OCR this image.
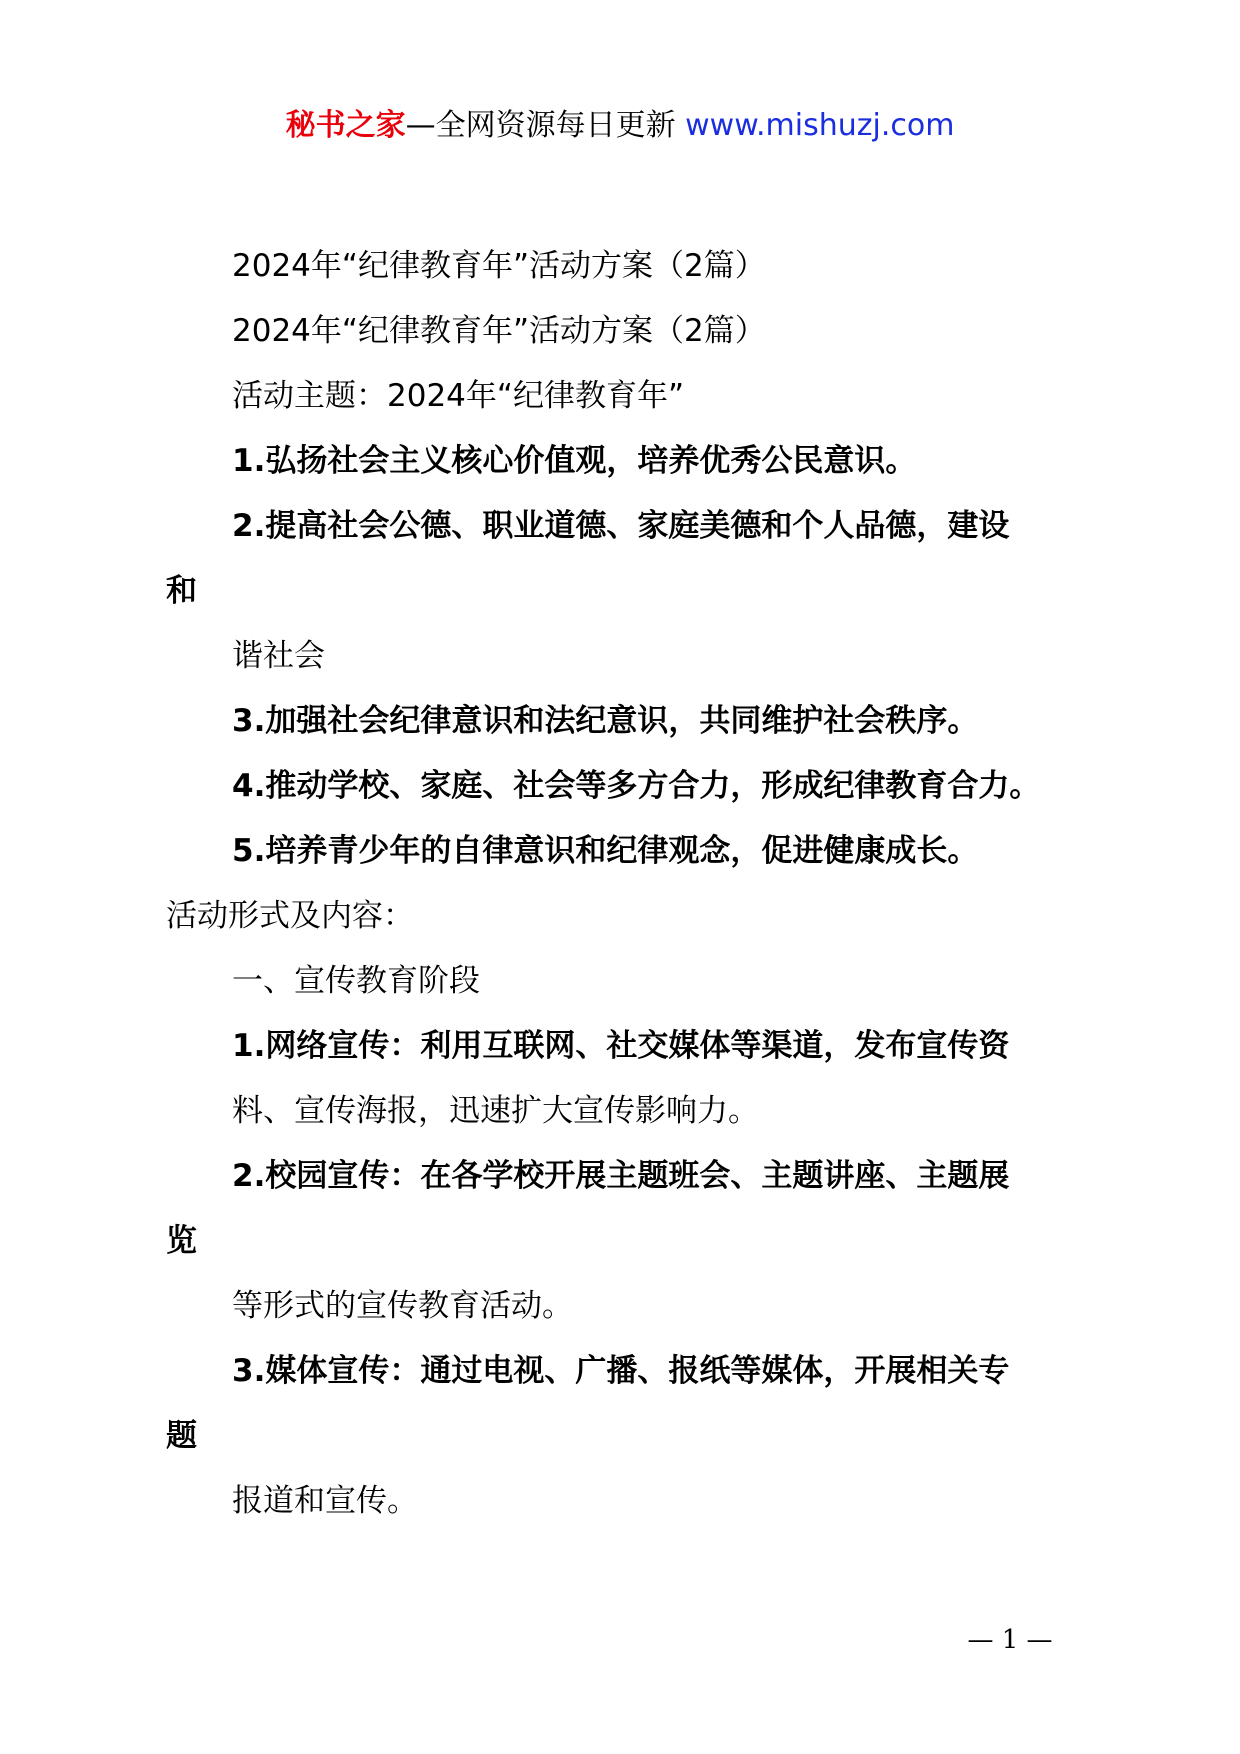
秘书之家—全网资源每日更新 www.mishuzj.com
2024年“纪律教育年”活动方案（2篇）
2024年“纪律教育年”活动方案（2篇）
活动主题：2024年“纪律教育年”
1.弘扬社会主义核心价值观，培养优秀公民意识。
2.提高社会公德、职业道德、家庭美德和个人品德，建设
和
谐社会
3.加强社会纪律意识和法纪意识，共同维护社会秩序。
4.推动学校、家庭、社会等多方合力，形成纪律教育合力。
5.培养青少年的自律意识和纪律观念，促进健康成长。
活动形式及内容：
一、宣传教育阶段
1.网络宣传：利用互联网、社交媒体等渠道，发布宣传资
料、宣传海报，迅速扩大宣传影响力。
2.校园宣传：在各学校开展主题班会、主题讲座、主题展
览
等形式的宣传教育活动。
3.媒体宣传：通过电视、广播、报纸等媒体，开展相关专
题
报道和宣传。
— 1 —
